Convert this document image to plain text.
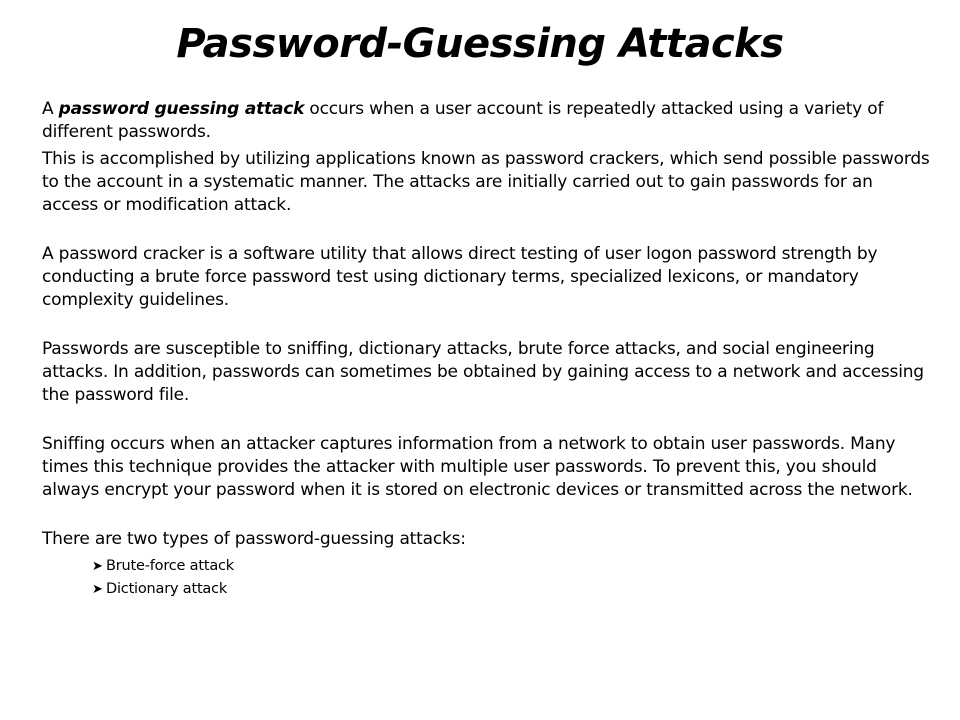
Password-Guessing Attacks

A password guessing attack occurs when a user account is repeatedly attacked using a variety of different passwords.

This is accomplished by utilizing applications known as password crackers, which send possible passwords to the account in a systematic manner. The attacks are initially carried out to gain passwords for an access or modification attack.

A password cracker is a software utility that allows direct testing of user logon password strength by conducting a brute force password test using dictionary terms, specialized lexicons, or mandatory complexity guidelines.

Passwords are susceptible to sniffing, dictionary attacks, brute force attacks, and social engineering attacks. In addition, passwords can sometimes be obtained by gaining access to a network and accessing the password file.

Sniffing occurs when an attacker captures information from a network to obtain user passwords. Many times this technique provides the attacker with multiple user passwords. To prevent this, you should always encrypt your password when it is stored on electronic devices or transmitted across the network.

There are two types of password-guessing attacks:

➤ Brute-force attack
➤ Dictionary attack
